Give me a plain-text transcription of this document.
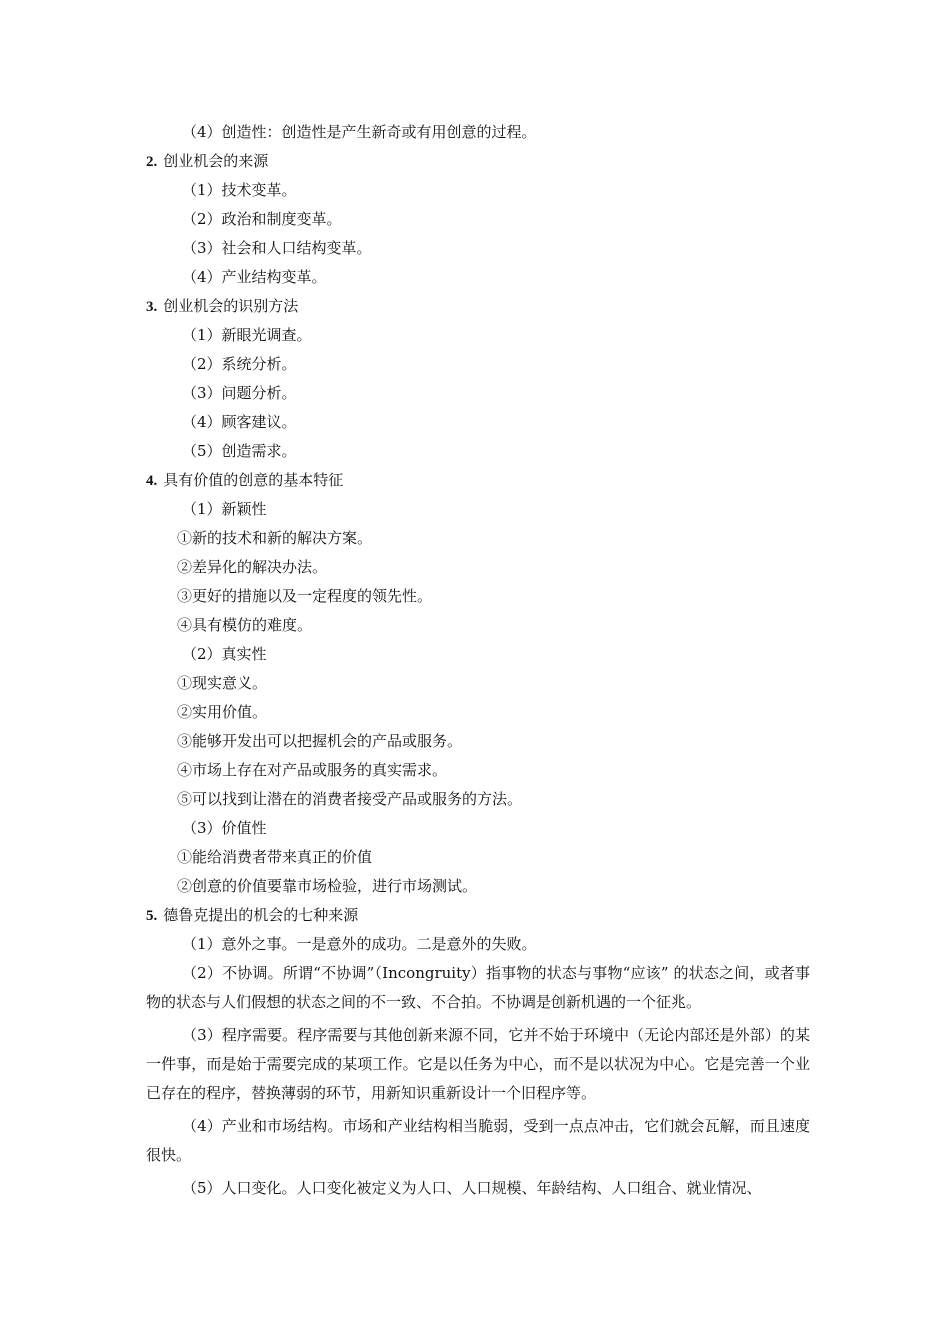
（4）创造性：创造性是产生新奇或有用创意的过程。
2. 创业机会的来源
（1）技术变革。
（2）政治和制度变革。
（3）社会和人口结构变革。
（4）产业结构变革。
3. 创业机会的识别方法
（1）新眼光调查。
（2）系统分析。
（3）问题分析。
（4）顾客建议。
（5）创造需求。
4. 具有价值的创意的基本特征
（1）新颖性
①新的技术和新的解决方案。
②差异化的解决办法。
③更好的措施以及一定程度的领先性。
④具有模仿的难度。
（2）真实性
①现实意义。
②实用价值。
③能够开发出可以把握机会的产品或服务。
④市场上存在对产品或服务的真实需求。
⑤可以找到让潜在的消费者接受产品或服务的方法。
（3）价值性
①能给消费者带来真正的价值
②创意的价值要靠市场检验，进行市场测试。
5. 德鲁克提出的机会的七种来源
（1）意外之事。一是意外的成功。二是意外的失败。

（2）不协调。所谓“不协调”（Incongruity）指事物的状态与事物“应该” 的状态之间，或者事物的状态与人们假想的状态之间的不一致、不合拍。不协调是创新机遇的一个征兆。

（3）程序需要。程序需要与其他创新来源不同，它并不始于环境中（无论内部还是外部）的某一件事，而是始于需要完成的某项工作。它是以任务为中心，而不是以状况为中心。它是完善一个业已存在的程序，替换薄弱的环节，用新知识重新设计一个旧程序等。

（4）产业和市场结构。市场和产业结构相当脆弱，受到一点点冲击，它们就会瓦解，而且速度很快。

（5）人口变化。人口变化被定义为人口、人口规模、年龄结构、人口组合、就业情况、
